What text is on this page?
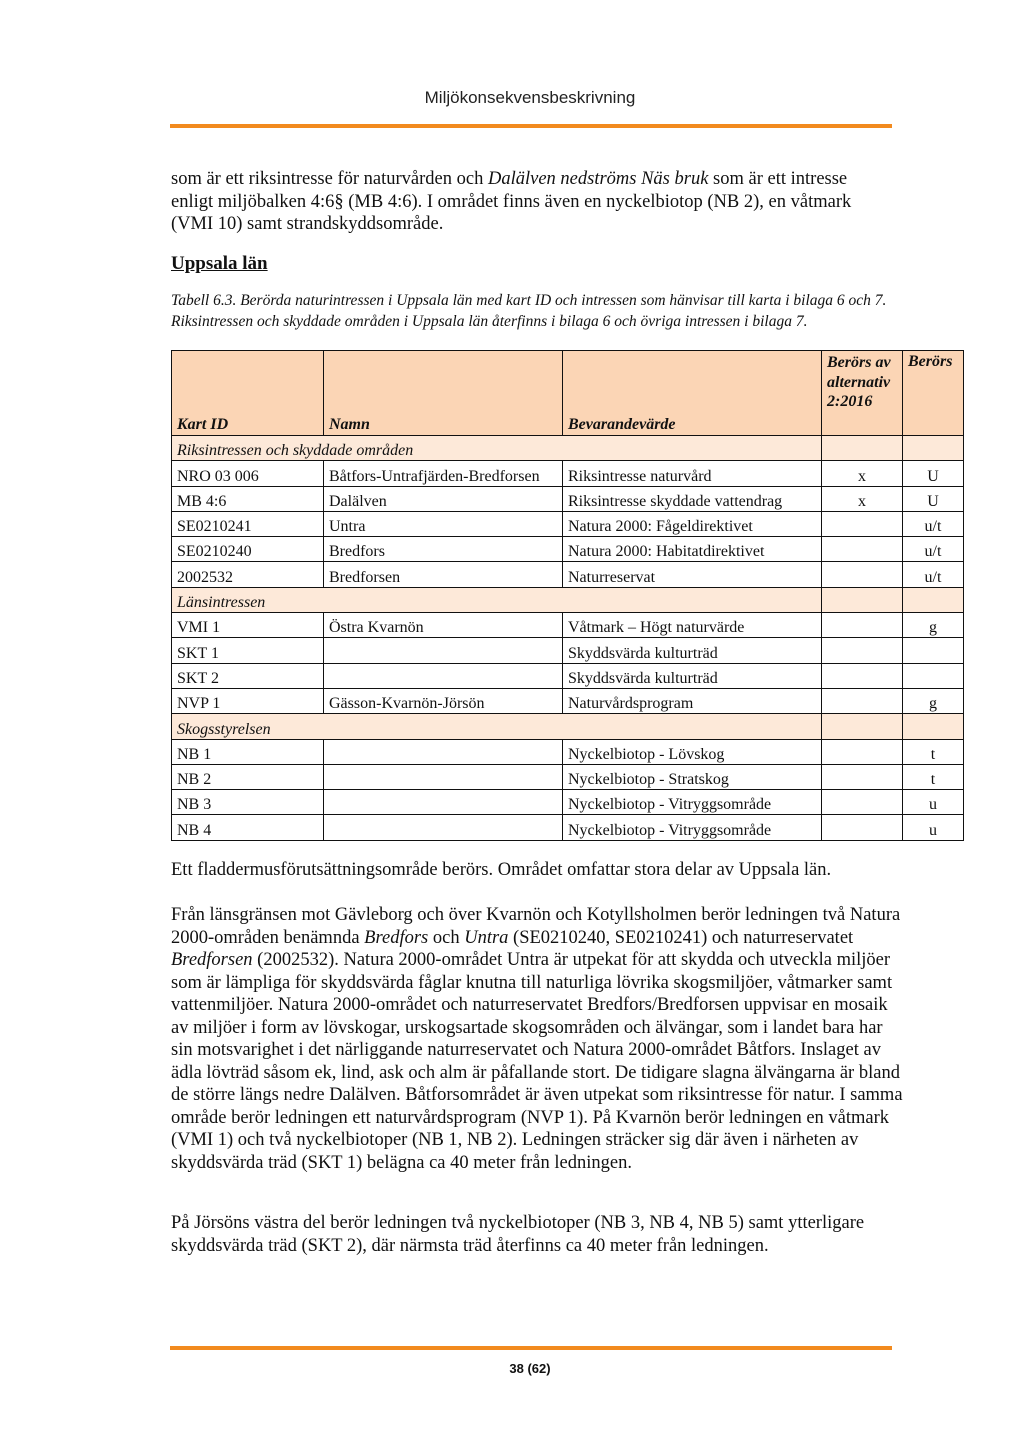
Miljökonsekvensbeskrivning

som är ett riksintresse för naturvården och Dalälven nedströms Näs bruk som är ett intresse enligt miljöbalken 4:6§ (MB 4:6). I området finns även en nyckelbiotop (NB 2), en våtmark (VMI 10) samt strandskyddsområde.

Uppsala län
Tabell 6.3. Berörda naturintressen i Uppsala län med kart ID och intressen som hänvisar till karta i bilaga 6 och 7. Riksintressen och skyddade områden i Uppsala län återfinns i bilaga 6 och övriga intressen i bilaga 7.
Kart ID	Namn	Bevarandevärde	Berörs av alternativ 2:2016	Berörs
Riksintressen och skyddade områden				
NRO 03 006	Båtfors-Untrafjärden-Bredforsen	Riksintresse naturvård	x	U
MB 4:6	Dalälven	Riksintresse skyddade vattendrag	x	U
SE0210241	Untra	Natura 2000: Fågeldirektivet		u/t
SE0210240	Bredfors	Natura 2000: Habitatdirektivet		u/t
2002532	Bredforsen	Naturreservat		u/t
Länsintressen				
VMI 1	Östra Kvarnön	Våtmark – Högt naturvärde		g
SKT 1		Skyddsvärda kulturträd		
SKT 2		Skyddsvärda kulturträd		
NVP 1	Gässon-Kvarnön-Jörsön	Naturvårdsprogram		g
Skogsstyrelsen				
NB 1		Nyckelbiotop - Lövskog		t
NB 2		Nyckelbiotop - Stratskog		t
NB 3		Nyckelbiotop - Vitryggsområde		u
NB 4		Nyckelbiotop - Vitryggsområde		u

Ett fladdermusförutsättningsområde berörs. Området omfattar stora delar av Uppsala län.

Från länsgränsen mot Gävleborg och över Kvarnön och Kotyllsholmen berör ledningen två Natura 2000-områden benämnda Bredfors och Untra (SE0210240, SE0210241) och naturreservatet Bredforsen (2002532). Natura 2000-området Untra är utpekat för att skydda och utveckla miljöer som är lämpliga för skyddsvärda fåglar knutna till naturliga lövrika skogsmiljöer, våtmarker samt vattenmiljöer. Natura 2000-området och naturreservatet Bredfors/Bredforsen uppvisar en mosaik av miljöer i form av lövskogar, urskogsartade skogsområden och älvängar, som i landet bara har sin motsvarighet i det närliggande naturreservatet och Natura 2000-området Båtfors. Inslaget av ädla lövträd såsom ek, lind, ask och alm är påfallande stort. De tidigare slagna älvängarna är bland de större längs nedre Dalälven. Båtforsområdet är även utpekat som riksintresse för natur. I samma område berör ledningen ett naturvårdsprogram (NVP 1). På Kvarnön berör ledningen en våtmark (VMI 1) och två nyckelbiotoper (NB 1, NB 2). Ledningen sträcker sig där även i närheten av skyddsvärda träd (SKT 1) belägna ca 40 meter från ledningen.

På Jörsöns västra del berör ledningen två nyckelbiotoper (NB 3, NB 4, NB 5) samt ytterligare skyddsvärda träd (SKT 2), där närmsta träd återfinns ca 40 meter från ledningen.

38 (62)
